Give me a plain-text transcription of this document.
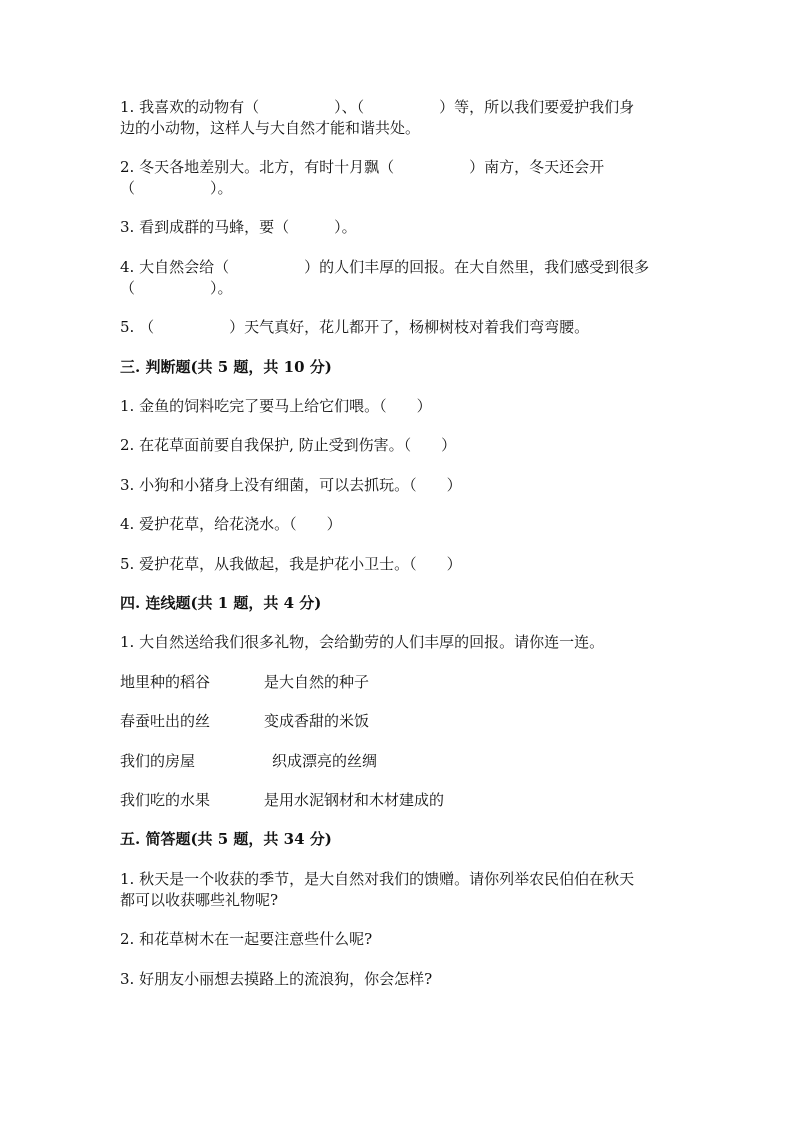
1. 我喜欢的动物有（　　　　　）、（　　　　　）等，所以我们要爱护我们身
边的小动物，这样人与大自然才能和谐共处。
2. 冬天各地差别大。北方，有时十月飘（　　　　　）南方，冬天还会开
（　　　　　）。
3. 看到成群的马蜂，要（　　　）。
4. 大自然会给（　　　　　）的人们丰厚的回报。在大自然里，我们感受到很多
（　　　　　）。
5. （　　　　　）天气真好，花儿都开了，杨柳树枝对着我们弯弯腰。
三. 判断题(共 5 题，共 10 分)
1. 金鱼的饲料吃完了要马上给它们喂。（　　）
2. 在花草面前要自我保护, 防止受到伤害。（　　）
3. 小狗和小猪身上没有细菌，可以去抓玩。（　　）
4. 爱护花草，给花浇水。（　　）
5. 爱护花草，从我做起，我是护花小卫士。（　　）
四. 连线题(共 1 题，共 4 分)
1. 大自然送给我们很多礼物，会给勤劳的人们丰厚的回报。请你连一连。
地里种的稻谷	是大自然的种子
春蚕吐出的丝	变成香甜的米饭
我们的房屋	织成漂亮的丝绸
我们吃的水果	是用水泥钢材和木材建成的
五. 简答题(共 5 题，共 34 分)
1. 秋天是一个收获的季节，是大自然对我们的馈赠。请你列举农民伯伯在秋天
都可以收获哪些礼物呢?
2. 和花草树木在一起要注意些什么呢?
3. 好朋友小丽想去摸路上的流浪狗，你会怎样?
